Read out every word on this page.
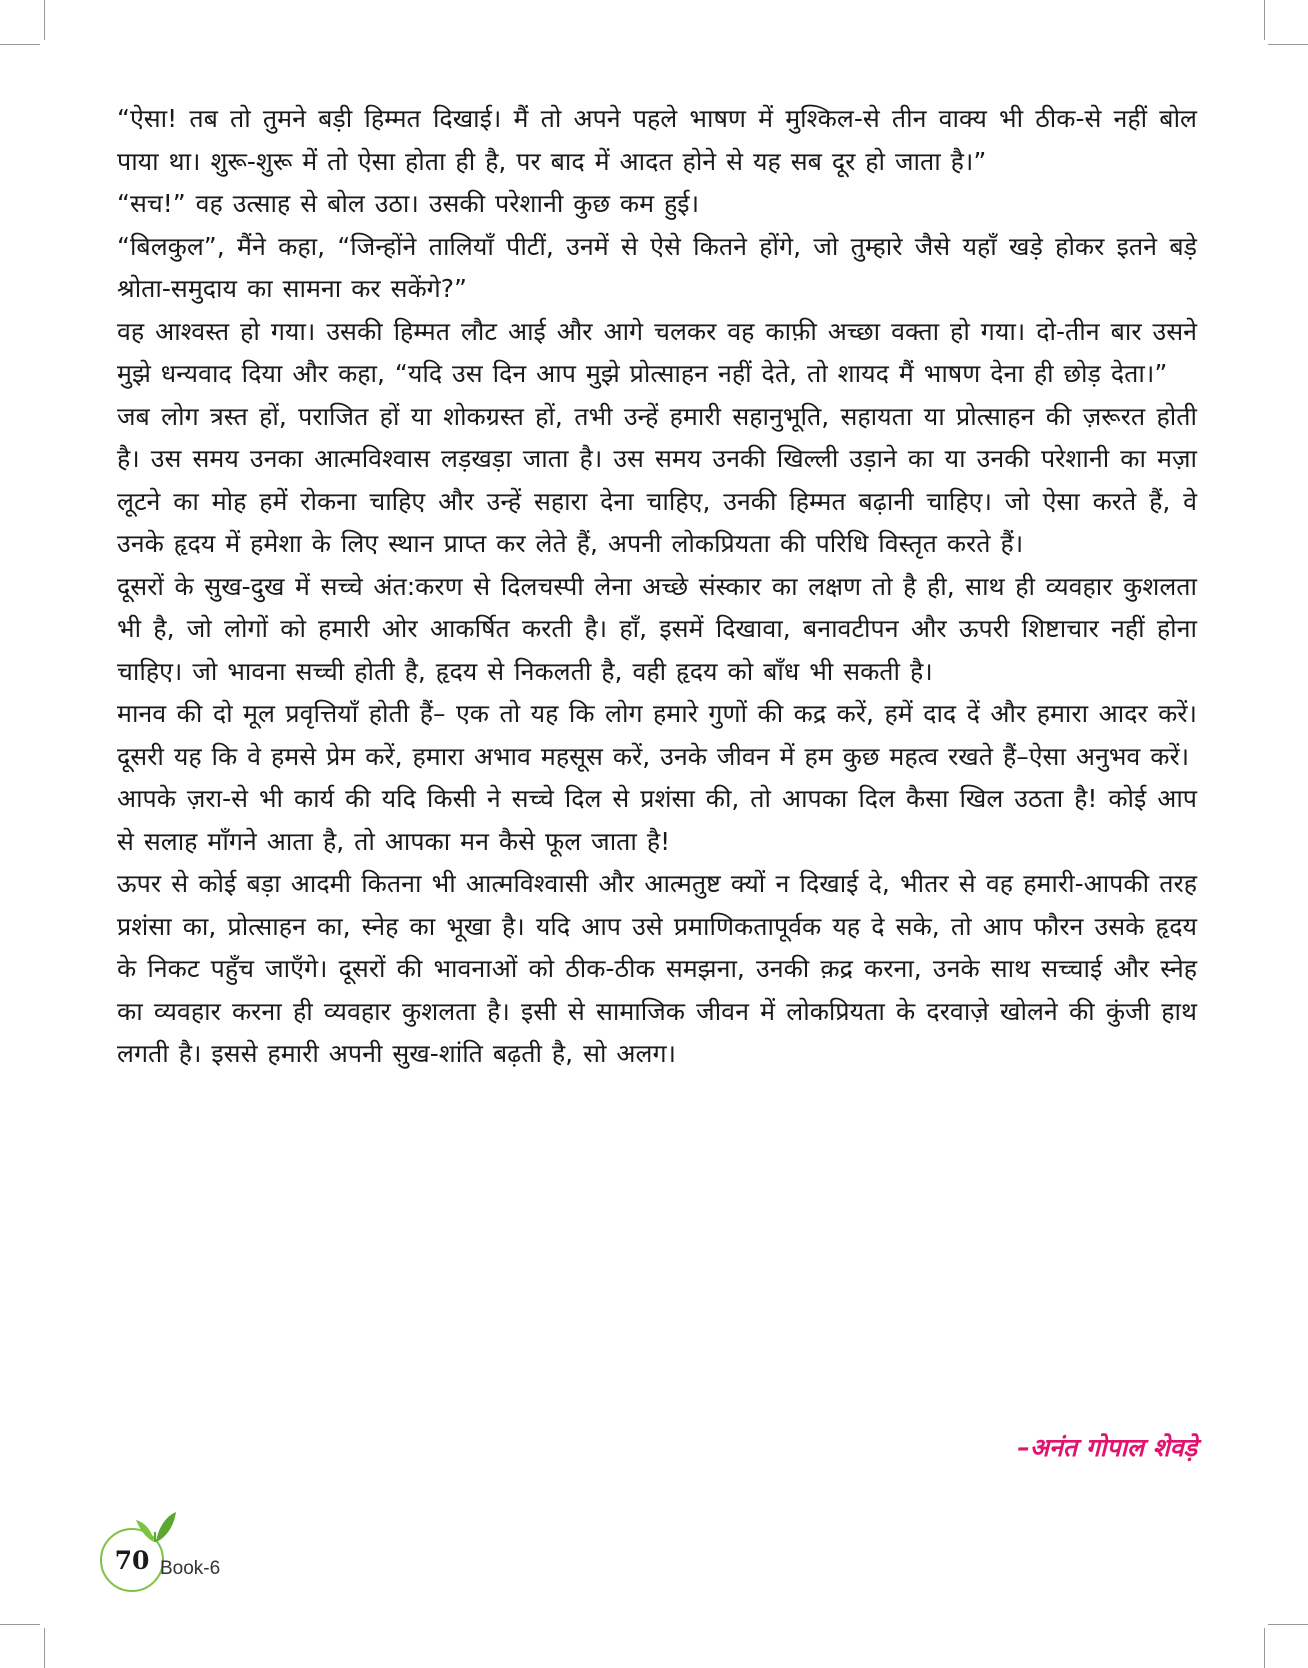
“ऐसा! तब तो तुमने बड़ी हिम्मत दिखाई। मैं तो अपने पहले भाषण में मुश्किल-से तीन वाक्य भी ठीक-से नहीं बोल पाया था। शुरू-शुरू में तो ऐसा होता ही है, पर बाद में आदत होने से यह सब दूर हो जाता है।”

“सच!” वह उत्साह से बोल उठा। उसकी परेशानी कुछ कम हुई।

“बिलकुल”, मैंने कहा, “जिन्होंने तालियाँ पीटीं, उनमें से ऐसे कितने होंगे, जो तुम्हारे जैसे यहाँ खड़े होकर इतने बड़े श्रोता-समुदाय का सामना कर सकेंगे?”

वह आश्वस्त हो गया। उसकी हिम्मत लौट आई और आगे चलकर वह काफ़ी अच्छा वक्ता हो गया। दो-तीन बार उसने मुझे धन्यवाद दिया और कहा, “यदि उस दिन आप मुझे प्रोत्साहन नहीं देते, तो शायद मैं भाषण देना ही छोड़ देता।”

जब लोग त्रस्त हों, पराजित हों या शोकग्रस्त हों, तभी उन्हें हमारी सहानुभूति, सहायता या प्रोत्साहन की ज़रूरत होती है। उस समय उनका आत्मविश्वास लड़खड़ा जाता है। उस समय उनकी खिल्ली उड़ाने का या उनकी परेशानी का मज़ा लूटने का मोह हमें रोकना चाहिए और उन्हें सहारा देना चाहिए, उनकी हिम्मत बढ़ानी चाहिए। जो ऐसा करते हैं, वे उनके हृदय में हमेशा के लिए स्थान प्राप्त कर लेते हैं, अपनी लोकप्रियता की परिधि विस्तृत करते हैं।

दूसरों के सुख-दुख में सच्चे अंत:करण से दिलचस्पी लेना अच्छे संस्कार का लक्षण तो है ही, साथ ही व्यवहार कुशलता भी है, जो लोगों को हमारी ओर आकर्षित करती है। हाँ, इसमें दिखावा, बनावटीपन और ऊपरी शिष्टाचार नहीं होना चाहिए। जो भावना सच्ची होती है, हृदय से निकलती है, वही हृदय को बाँध भी सकती है।

मानव की दो मूल प्रवृत्तियाँ होती हैं– एक तो यह कि लोग हमारे गुणों की कद्र करें, हमें दाद दें और हमारा आदर करें। दूसरी यह कि वे हमसे प्रेम करें, हमारा अभाव महसूस करें, उनके जीवन में हम कुछ महत्व रखते हैं–ऐसा अनुभव करें।

आपके ज़रा-से भी कार्य की यदि किसी ने सच्चे दिल से प्रशंसा की, तो आपका दिल कैसा खिल उठता है! कोई आप से सलाह माँगने आता है, तो आपका मन कैसे फूल जाता है!

ऊपर से कोई बड़ा आदमी कितना भी आत्मविश्वासी और आत्मतुष्ट क्यों न दिखाई दे, भीतर से वह हमारी-आपकी तरह प्रशंसा का, प्रोत्साहन का, स्नेह का भूखा है। यदि आप उसे प्रमाणिकतापूर्वक यह दे सके, तो आप फौरन उसके हृदय के निकट पहुँच जाएँगे। दूसरों की भावनाओं को ठीक-ठीक समझना, उनकी क़द्र करना, उनके साथ सच्चाई और स्नेह का व्यवहार करना ही व्यवहार कुशलता है। इसी से सामाजिक जीवन में लोकप्रियता के दरवाज़े खोलने की कुंजी हाथ लगती है। इससे हमारी अपनी सुख-शांति बढ़ती है, सो अलग।

–अनंत गोपाल शेवड़े
70 Book-6
